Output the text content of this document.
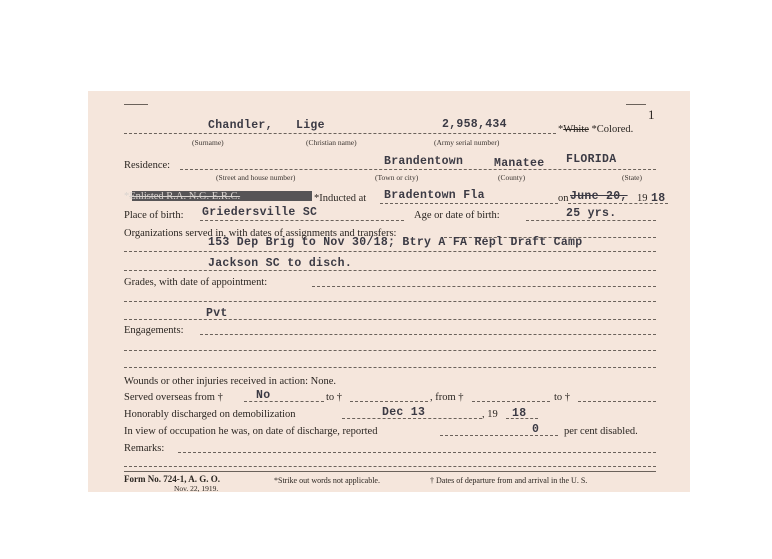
1
Chandler, Lige	2,958,434	*White *Colored.
(Surname)	(Christian name)	(Army serial number)
Residence:	Brandentown	Manatee FLORIDA
(Street and house number)	(Town or city)	(County)	(State)
*Enlisted R.A. N.G. E.R.C.	*Inducted at Bradentown Fla	on June 20, 19 18
Place of birth: Griedersville SC	Age or date of birth:	25 yrs.
Organizations served in, with dates of assignments and transfers:
153 Dep Brig to Nov 30/18; Btry A FA Repl Draft Camp
Jackson SC to disch.
Grades, with date of appointment:
Pvt
Engagements:
Wounds or other injuries received in action: None.
Served overseas from †	No	to †	, from †	to †
Honorably discharged on demobilization	Dec 13	, 19 18
In view of occupation he was, on date of discharge, reported	0 per cent disabled.
Remarks:
Form No. 724-1, A. G. O.
Nov. 22, 1919.
*Strike out words not applicable.	† Dates of departure from and arrival in the U. S.
